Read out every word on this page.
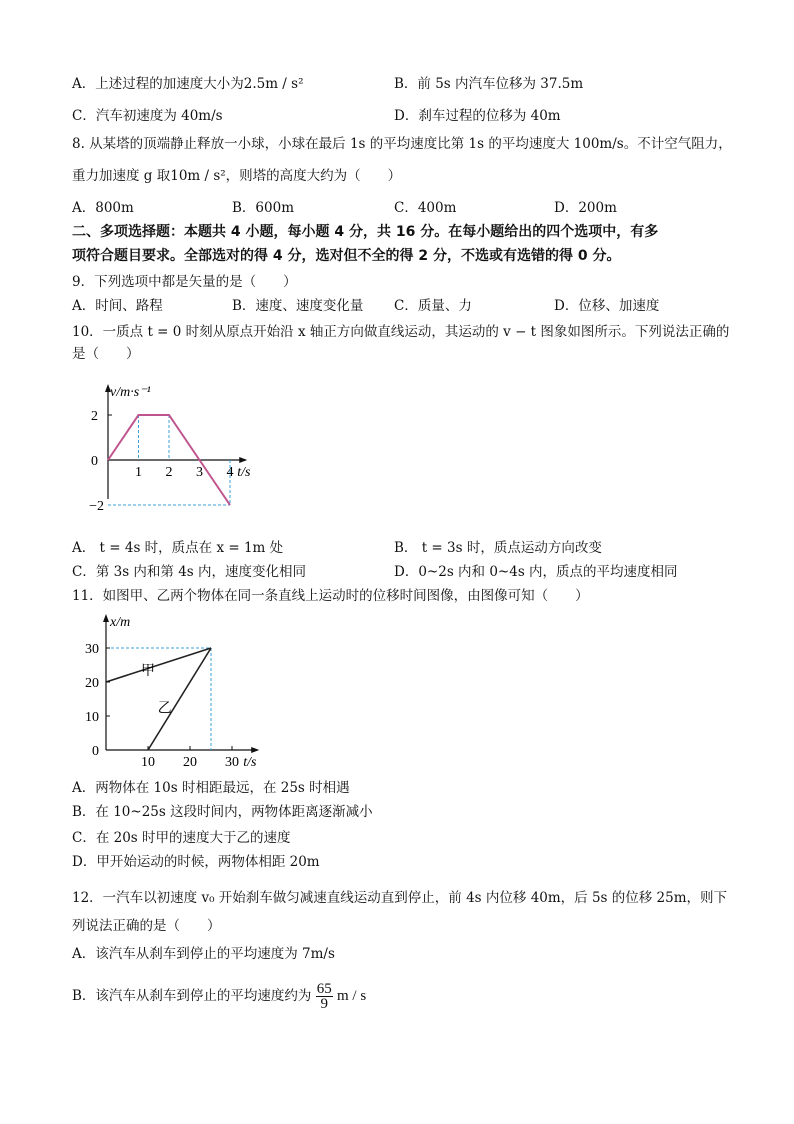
A．上述过程的加速度大小为2.5m / s²	B．前 5s 内汽车位移为 37.5m
C．汽车初速度为 40m/s	D．刹车过程的位移为 40m
8. 从某塔的顶端静止释放一小球，小球在最后 1s 的平均速度比第 1s 的平均速度大 100m/s。不计空气阻力，
重力加速度 g 取10m / s²，则塔的高度大约为（　　）
A．800m	B．600m	C．400m	D．200m
二、多项选择题：本题共 4 小题，每小题 4 分，共 16 分。在每小题给出的四个选项中，有多
项符合题目要求。全部选对的得 4 分，选对但不全的得 2 分，不选或有选错的得 0 分。
9．下列选项中都是矢量的是（　　）
A．时间、路程	B．速度、速度变化量 C．质量、力	D．位移、加速度
10．一质点 t = 0 时刻从原点开始沿 x 轴正方向做直线运动，其运动的 v − t 图象如图所示。下列说法正确的
是（　　）
2
0
−2
1 2 3 4
v/m·s⁻¹
t/s
A． t = 4s 时，质点在 x = 1m 处	B． t = 3s 时，质点运动方向改变
C．第 3s 内和第 4s 内，速度变化相同	D．0~2s 内和 0~4s 内，质点的平均速度相同
11．如图甲、乙两个物体在同一条直线上运动时的位移时间图像，由图像可知（　　）
甲
乙
30
20
10
0
10 20 30
x/m
t/s
A．两物体在 10s 时相距最远，在 25s 时相遇
B．在 10~25s 这段时间内，两物体距离逐渐减小
C．在 20s 时甲的速度大于乙的速度
D．甲开始运动的时候，两物体相距 20m
12．一汽车以初速度 v₀ 开始刹车做匀减速直线运动直到停止，前 4s 内位移 40m，后 5s 的位移 25m，则下
列说法正确的是（　　）
A．该汽车从刹车到停止的平均速度为 7m/s
B．该汽车从刹车到停止的平均速度约为 $\frac{65}{9}$ m / s
